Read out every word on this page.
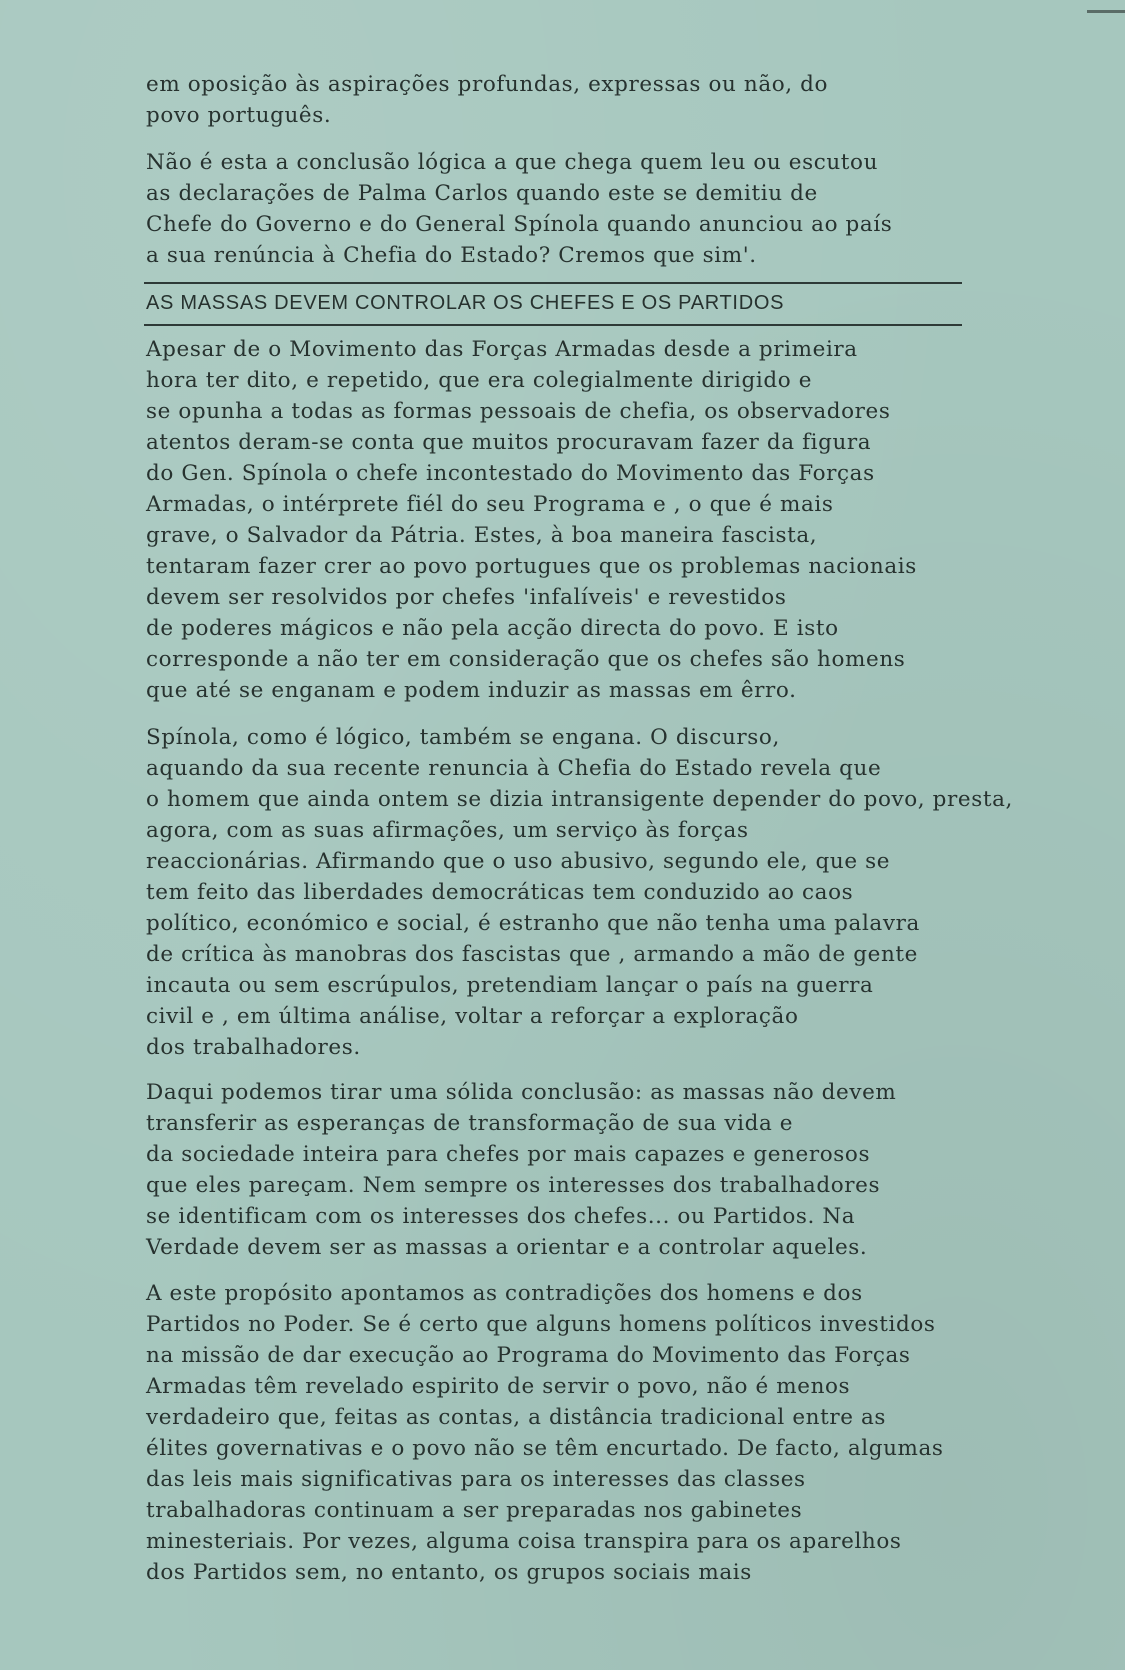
em oposição às aspirações profundas, expressas ou não, do
povo português.
Não é esta a conclusão lógica a que chega quem leu ou escutou
as declarações de Palma Carlos quando este se demitiu de
Chefe do Governo e do General Spínola quando anunciou ao país
a sua renúncia à Chefia do Estado? Cremos que sim'.
AS MASSAS DEVEM CONTROLAR OS CHEFES E OS PARTIDOS
Apesar de o Movimento das Forças Armadas desde a primeira
hora ter dito, e repetido, que era colegialmente dirigido e
se opunha a todas as formas pessoais de chefia, os observadores
atentos deram-se conta que muitos procuravam fazer da figura
do Gen. Spínola o chefe incontestado do Movimento das Forças
Armadas, o intérprete fiél do seu Programa e , o que é mais
grave, o Salvador da Pátria. Estes, à boa maneira fascista,
tentaram fazer crer ao povo portugues que os problemas nacionais
devem ser resolvidos por chefes 'infalíveis' e revestidos
de poderes mágicos e não pela acção directa do povo. E isto
corresponde a não ter em consideração que os chefes são homens
que até se enganam e podem induzir as massas em êrro.
Spínola, como é lógico, também se engana. O discurso,
aquando da sua recente renuncia à Chefia do Estado revela que
o homem que ainda ontem se dizia intransigente depender do povo, presta,
agora, com as suas afirmações, um serviço às forças
reaccionárias. Afirmando que o uso abusivo, segundo ele, que se
tem feito das liberdades democráticas tem conduzido ao caos
político, económico e social, é estranho que não tenha uma palavra
de crítica às manobras dos fascistas que , armando a mão de gente
incauta ou sem escrúpulos, pretendiam lançar o país na guerra
civil e , em última análise, voltar a reforçar a exploração
dos trabalhadores.
Daqui podemos tirar uma sólida conclusão: as massas não devem
transferir as esperanças de transformação de sua vida e
da sociedade inteira para chefes por mais capazes e generosos
que eles pareçam. Nem sempre os interesses dos trabalhadores
se identificam com os interesses dos chefes... ou Partidos. Na
Verdade devem ser as massas a orientar e a controlar aqueles.
A este propósito apontamos as contradições dos homens e dos
Partidos no Poder. Se é certo que alguns homens políticos investidos
na missão de dar execução ao Programa do Movimento das Forças
Armadas têm revelado espirito de servir o povo, não é menos
verdadeiro que, feitas as contas, a distância tradicional entre as
élites governativas e o povo não se têm encurtado. De facto, algumas
das leis mais significativas para os interesses das classes
trabalhadoras continuam a ser preparadas nos gabinetes
minesteriais. Por vezes, alguma coisa transpira para os aparelhos
dos Partidos sem, no entanto, os grupos sociais mais
